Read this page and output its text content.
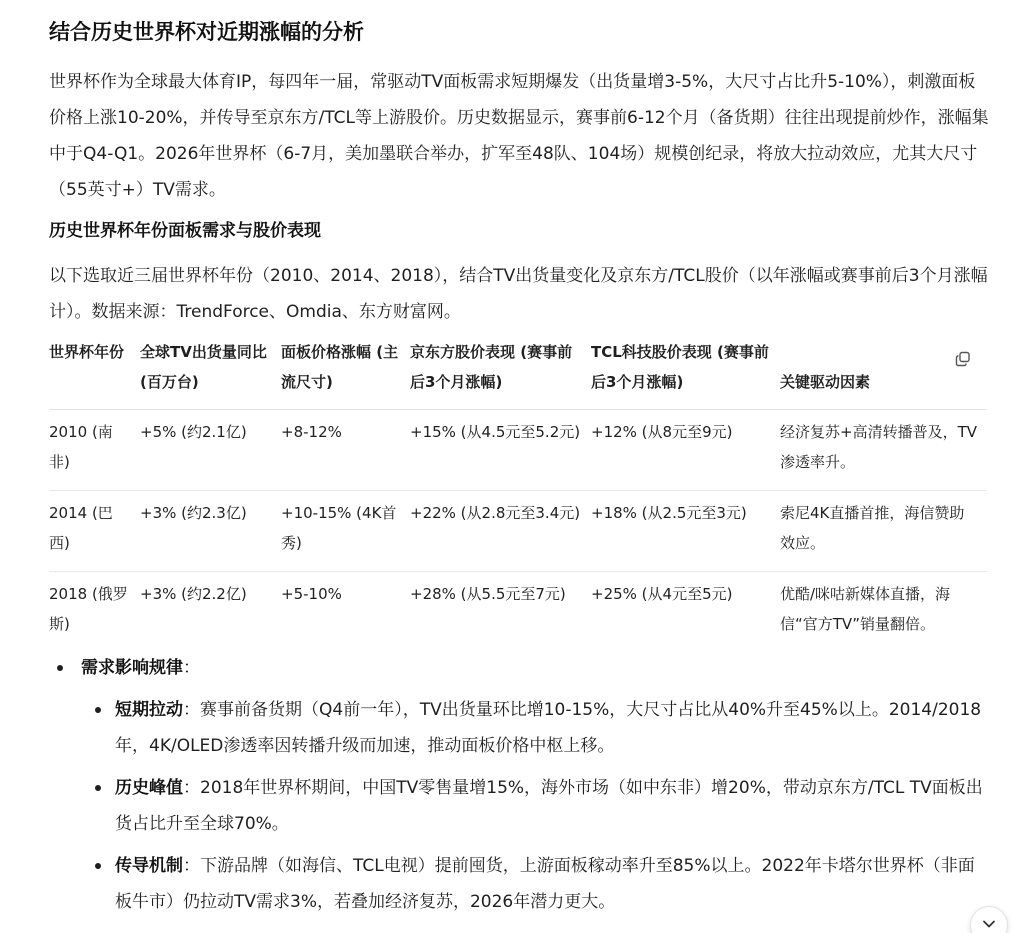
结合历史世界杯对近期涨幅的分析

世界杯作为全球最大体育IP，每四年一届，常驱动TV面板需求短期爆发（出货量增3-5%，大尺寸占比升5-10%），刺激面板价格上涨10-20%，并传导至京东方/TCL等上游股价。历史数据显示，赛事前6-12个月（备货期）往往出现提前炒作，涨幅集中于Q4-Q1。2026年世界杯（6-7月，美加墨联合举办，扩军至48队、104场）规模创纪录，将放大拉动效应，尤其大尺寸（55英寸+）TV需求。

历史世界杯年份面板需求与股价表现

以下选取近三届世界杯年份（2010、2014、2018），结合TV出货量变化及京东方/TCL股价（以年涨幅或赛事前后3个月涨幅计）。数据来源：TrendForce、Omdia、东方财富网。

世界杯年份	全球TV出货量同比 (百万台)	面板价格涨幅 (主流尺寸)	京东方股价表现 (赛事前后3个月涨幅)	TCL科技股价表现 (赛事前后3个月涨幅)	关键驱动因素

2010 (南非)	+5% (约2.1亿)	+8-12%	+15% (从4.5元至5.2元)	+12% (从8元至9元)	经济复苏+高清转播普及，TV渗透率升。
2014 (巴西)	+3% (约2.3亿)	+10-15% (4K首秀)	+22% (从2.8元至3.4元)	+18% (从2.5元至3元)	索尼4K直播首推，海信赞助效应。
2018 (俄罗斯)	+3% (约2.2亿)	+5-10%	+28% (从5.5元至7元)	+25% (从4元至5元)	优酷/咪咕新媒体直播，海信“官方TV”销量翻倍。
需求影响规律：
短期拉动：赛事前备货期（Q4前一年），TV出货量环比增10-15%，大尺寸占比从40%升至45%以上。2014/2018年，4K/OLED渗透率因转播升级而加速，推动面板价格中枢上移。
历史峰值：2018年世界杯期间，中国TV零售量增15%，海外市场（如中东非）增20%，带动京东方/TCL TV面板出货占比升至全球70%。
传导机制：下游品牌（如海信、TCL电视）提前囤货，上游面板稼动率升至85%以上。2022年卡塔尔世界杯（非面板牛市）仍拉动TV需求3%，若叠加经济复苏，2026年潜力更大。
